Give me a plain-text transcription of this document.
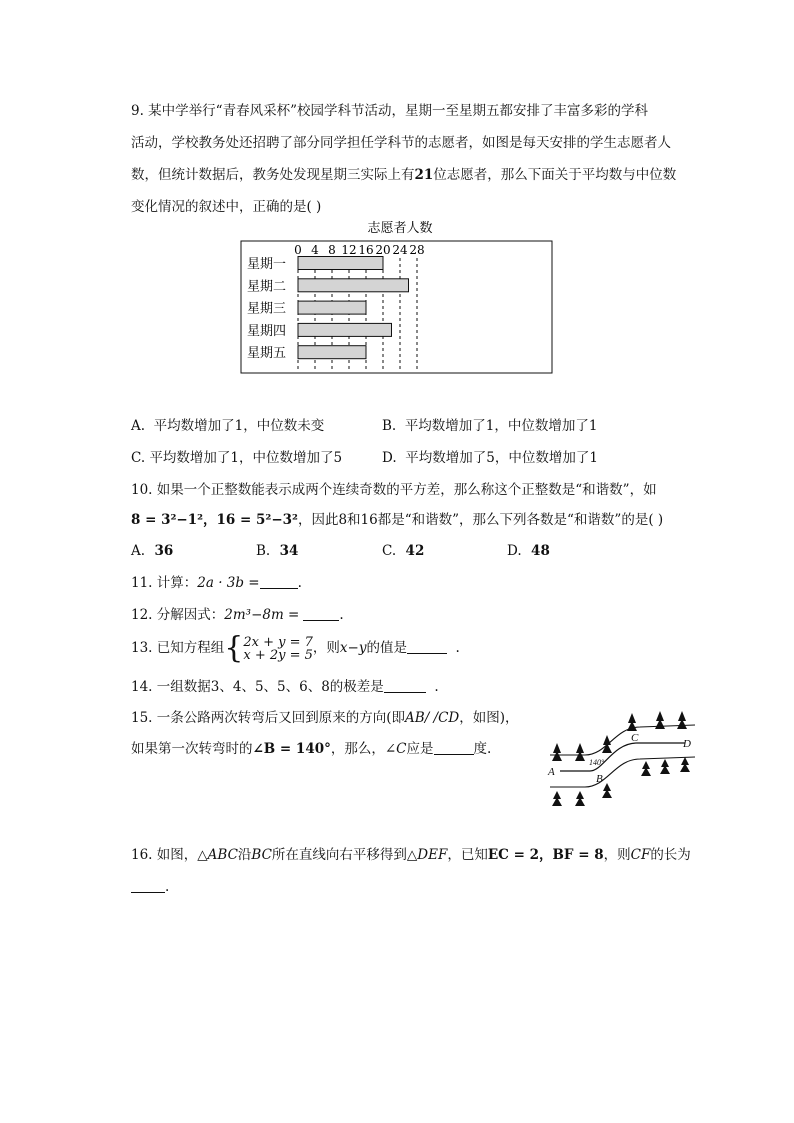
9. 某中学举行“青春风采杯”校园学科节活动，星期一至星期五都安排了丰富多彩的学科
活动，学校教务处还招聘了部分同学担任学科节的志愿者，如图是每天安排的学生志愿者人
数，但统计数据后，教务处发现星期三实际上有21位志愿者，那么下面关于平均数与中位数
变化情况的叙述中，正确的是( )
志愿者人数
0 4 8 12 16 20 24 28
星期一
星期二
星期三
星期四
星期五
A. 平均数增加了1，中位数未变	B. 平均数增加了1，中位数增加了1
C. 平均数增加了1，中位数增加了5	D. 平均数增加了5，中位数增加了1
10. 如果一个正整数能表示成两个连续奇数的平方差，那么称这个正整数是“和谐数”，如
8 = 3²−1²，16 = 5²−3²，因此8和16都是“和谐数”，那么下列各数是“和谐数”的是( )
A. 36	B. 34	C. 42	D. 48
11. 计算：2a · 3b =	.
12. 分解因式：2m³−8m =	.
13. 已知方程组{2x + y = 7
x + 2y = 5，则x−y的值是	.
14. 一组数据3、4、5、5、6、8的极差是	.
15. 一条公路两次转弯后又回到原来的方向(即AB/ /CD，如图)，
如果第一次转弯时的∠B = 140°，那么，∠C应是	度.
A
B
C	D
140°
16. 如图，△ABC沿BC所在直线向右平移得到△DEF，已知EC = 2，BF = 8，则CF的长为
.
